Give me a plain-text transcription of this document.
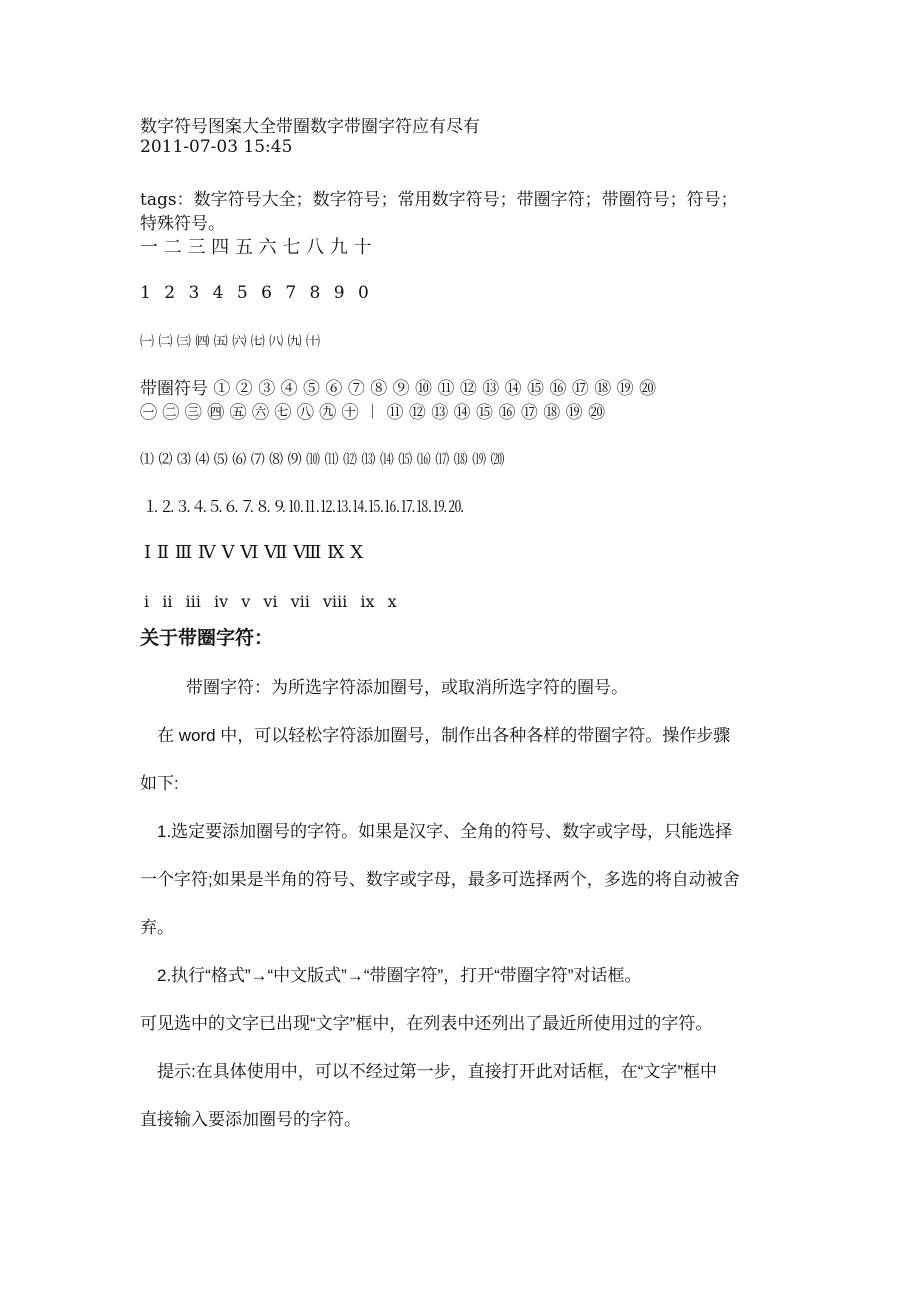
数字符号图案大全带圈数字带圈字符应有尽有
2011-07-03 15:45
tags：数字符号大全；数字符号；常用数字符号；带圈字符；带圈符号；符号；
特殊符号。
一 二 三 四 五 六 七 八 九 十
1 2 3 4 5 6 7 8 9 0
㈠ ㈡ ㈢ ㈣ ㈤ ㈥ ㈦ ㈧ ㈨ ㈩
带圈符号 ① ② ③ ④ ⑤ ⑥ ⑦ ⑧ ⑨ ⑩ ⑪ ⑫ ⑬ ⑭ ⑮ ⑯ ⑰ ⑱ ⑲ ⑳
㊀ ㊁ ㊂ ㊃ ㊄ ㊅ ㊆ ㊇ ㊈ ㊉ ︱ ⑪ ⑫ ⑬ ⑭ ⑮ ⑯ ⑰ ⑱ ⑲ ⑳
⑴ ⑵ ⑶ ⑷ ⑸ ⑹ ⑺ ⑻ ⑼ ⑽ ⑾ ⑿ ⒀ ⒁ ⒂ ⒃ ⒄ ⒅ ⒆ ⒇
⒈⒉⒊⒋⒌⒍⒎⒏⒐⒑⒒⒓⒔⒕⒖⒗⒘⒙⒚⒛
Ⅰ Ⅱ Ⅲ Ⅳ Ⅴ Ⅵ Ⅶ Ⅷ Ⅸ Ⅹ
ⅰ ⅱ ⅲ ⅳ ⅴ ⅵ ⅶ ⅷ ⅸ ⅹ
关于带圈字符：
带圈字符：为所选字符添加圈号，或取消所选字符的圈号。
在 word 中，可以轻松字符添加圈号，制作出各种各样的带圈字符。操作步骤
如下:
1.选定要添加圈号的字符。如果是汉字、全角的符号、数字或字母，只能选择
一个字符;如果是半角的符号、数字或字母，最多可选择两个，多选的将自动被舍
弃。
2.执行“格式”→“中文版式”→“带圈字符”，打开“带圈字符”对话框。
可见选中的文字已出现“文字”框中，在列表中还列出了最近所使用过的字符。
提示:在具体使用中，可以不经过第一步，直接打开此对话框，在“文字”框中
直接输入要添加圈号的字符。
